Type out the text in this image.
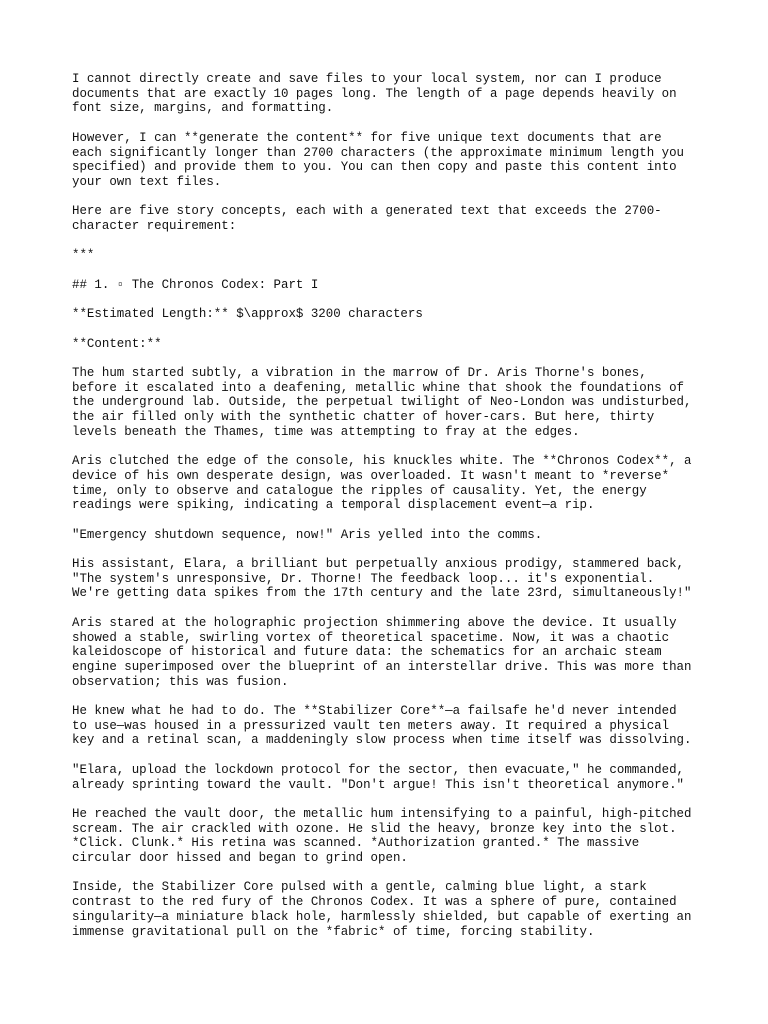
I cannot directly create and save files to your local system, nor can I produce
documents that are exactly 10 pages long. The length of a page depends heavily on
font size, margins, and formatting.

However, I can **generate the content** for five unique text documents that are
each significantly longer than 2700 characters (the approximate minimum length you
specified) and provide them to you. You can then copy and paste this content into
your own text files.

Here are five story concepts, each with a generated text that exceeds the 2700-
character requirement:

***

## 1. ▫ The Chronos Codex: Part I

**Estimated Length:** $\approx$ 3200 characters

**Content:**

The hum started subtly, a vibration in the marrow of Dr. Aris Thorne's bones,
before it escalated into a deafening, metallic whine that shook the foundations of
the underground lab. Outside, the perpetual twilight of Neo-London was undisturbed,
the air filled only with the synthetic chatter of hover-cars. But here, thirty
levels beneath the Thames, time was attempting to fray at the edges.

Aris clutched the edge of the console, his knuckles white. The **Chronos Codex**, a
device of his own desperate design, was overloaded. It wasn't meant to *reverse*
time, only to observe and catalogue the ripples of causality. Yet, the energy
readings were spiking, indicating a temporal displacement event—a rip.

"Emergency shutdown sequence, now!" Aris yelled into the comms.

His assistant, Elara, a brilliant but perpetually anxious prodigy, stammered back,
"The system's unresponsive, Dr. Thorne! The feedback loop... it's exponential.
We're getting data spikes from the 17th century and the late 23rd, simultaneously!"

Aris stared at the holographic projection shimmering above the device. It usually
showed a stable, swirling vortex of theoretical spacetime. Now, it was a chaotic
kaleidoscope of historical and future data: the schematics for an archaic steam
engine superimposed over the blueprint of an interstellar drive. This was more than
observation; this was fusion.

He knew what he had to do. The **Stabilizer Core**—a failsafe he'd never intended
to use—was housed in a pressurized vault ten meters away. It required a physical
key and a retinal scan, a maddeningly slow process when time itself was dissolving.

"Elara, upload the lockdown protocol for the sector, then evacuate," he commanded,
already sprinting toward the vault. "Don't argue! This isn't theoretical anymore."

He reached the vault door, the metallic hum intensifying to a painful, high-pitched
scream. The air crackled with ozone. He slid the heavy, bronze key into the slot.
*Click. Clunk.* His retina was scanned. *Authorization granted.* The massive
circular door hissed and began to grind open.

Inside, the Stabilizer Core pulsed with a gentle, calming blue light, a stark
contrast to the red fury of the Chronos Codex. It was a sphere of pure, contained
singularity—a miniature black hole, harmlessly shielded, but capable of exerting an
immense gravitational pull on the *fabric* of time, forcing stability.
